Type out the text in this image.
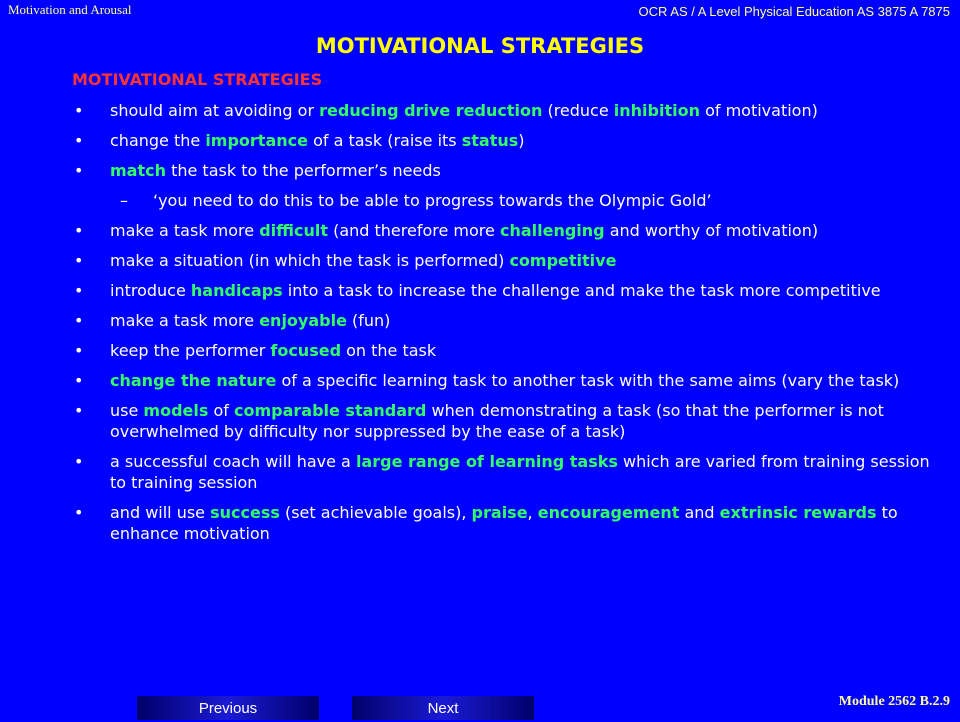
Motivation and Arousal	OCR AS / A Level Physical Education AS 3875 A 7875
MOTIVATIONAL STRATEGIES
MOTIVATIONAL STRATEGIES
• should aim at avoiding or reducing drive reduction (reduce inhibition of motivation)
• change the importance of a task (raise its status)
• match the task to the performer’s needs
– ‘you need to do this to be able to progress towards the Olympic Gold’
• make a task more difficult (and therefore more challenging and worthy of motivation)
• make a situation (in which the task is performed) competitive
• introduce handicaps into a task to increase the challenge and make the task more competitive
• make a task more enjoyable (fun)
• keep the performer focused on the task
• change the nature of a specific learning task to another task with the same aims (vary the task)
• use models of comparable standard when demonstrating a task (so that the performer is not overwhelmed by difficulty nor suppressed by the ease of a task)
• a successful coach will have a large range of learning tasks which are varied from training session to training session
• and will use success (set achievable goals), praise, encouragement and extrinsic rewards to enhance motivation
Previous	Next	Module 2562 B.2.9
